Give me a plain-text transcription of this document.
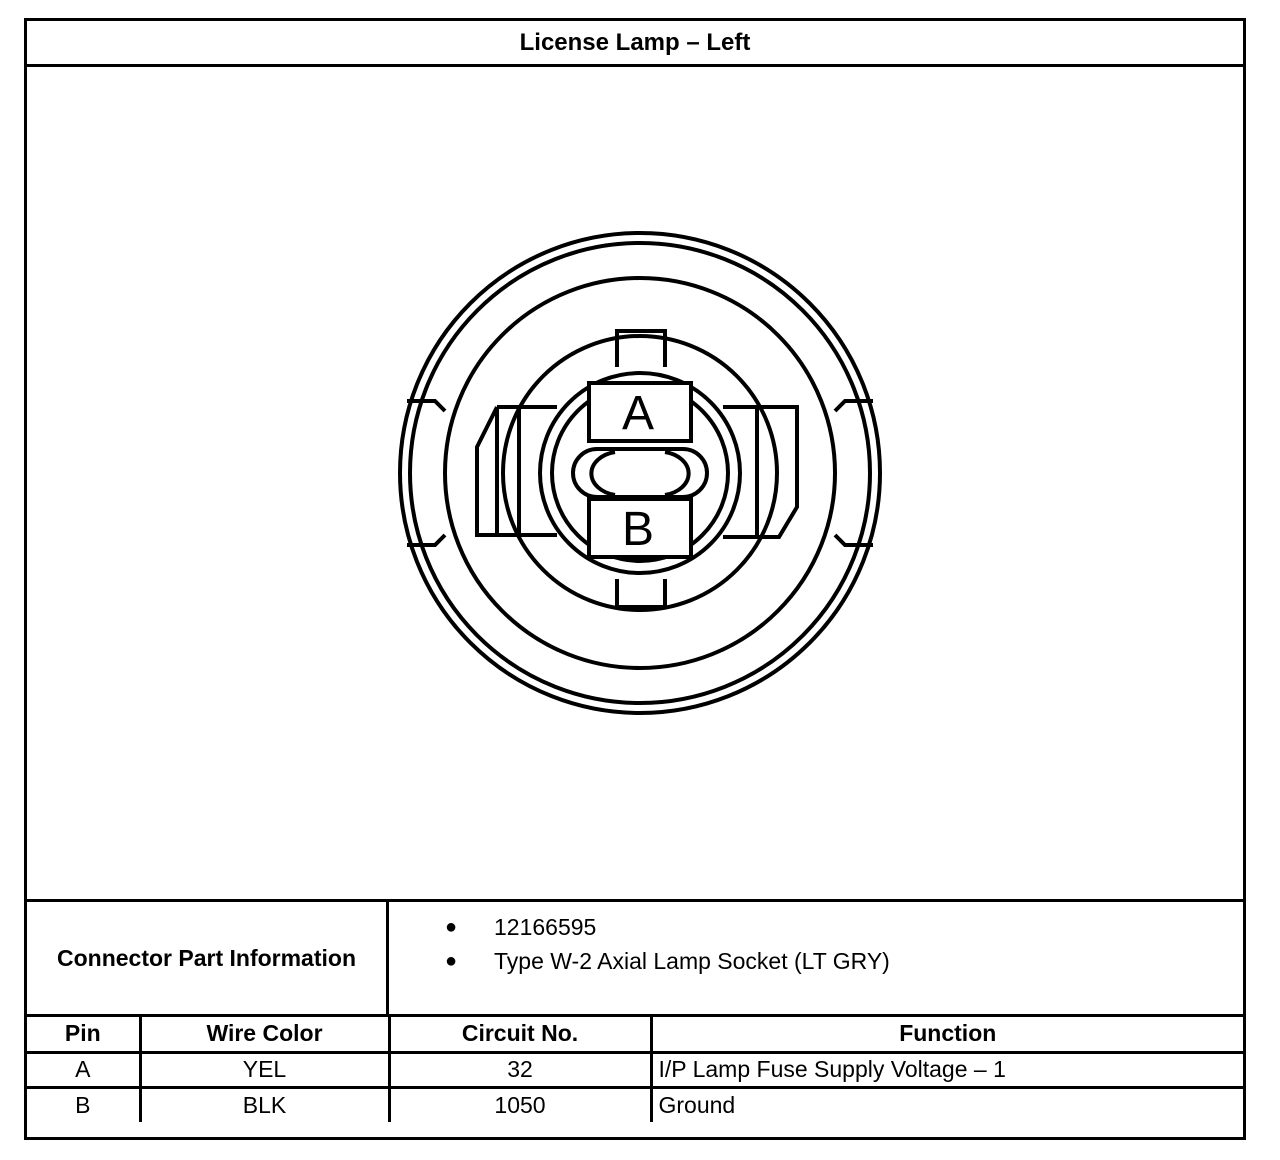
License Lamp – Left
A
B
Connector Part Information
● 12166595
● Type W-2 Axial Lamp Socket (LT GRY)
Pin	Wire Color	Circuit No.	Function
A	YEL	32	I/P Lamp Fuse Supply Voltage – 1
B	BLK	1050	Ground
